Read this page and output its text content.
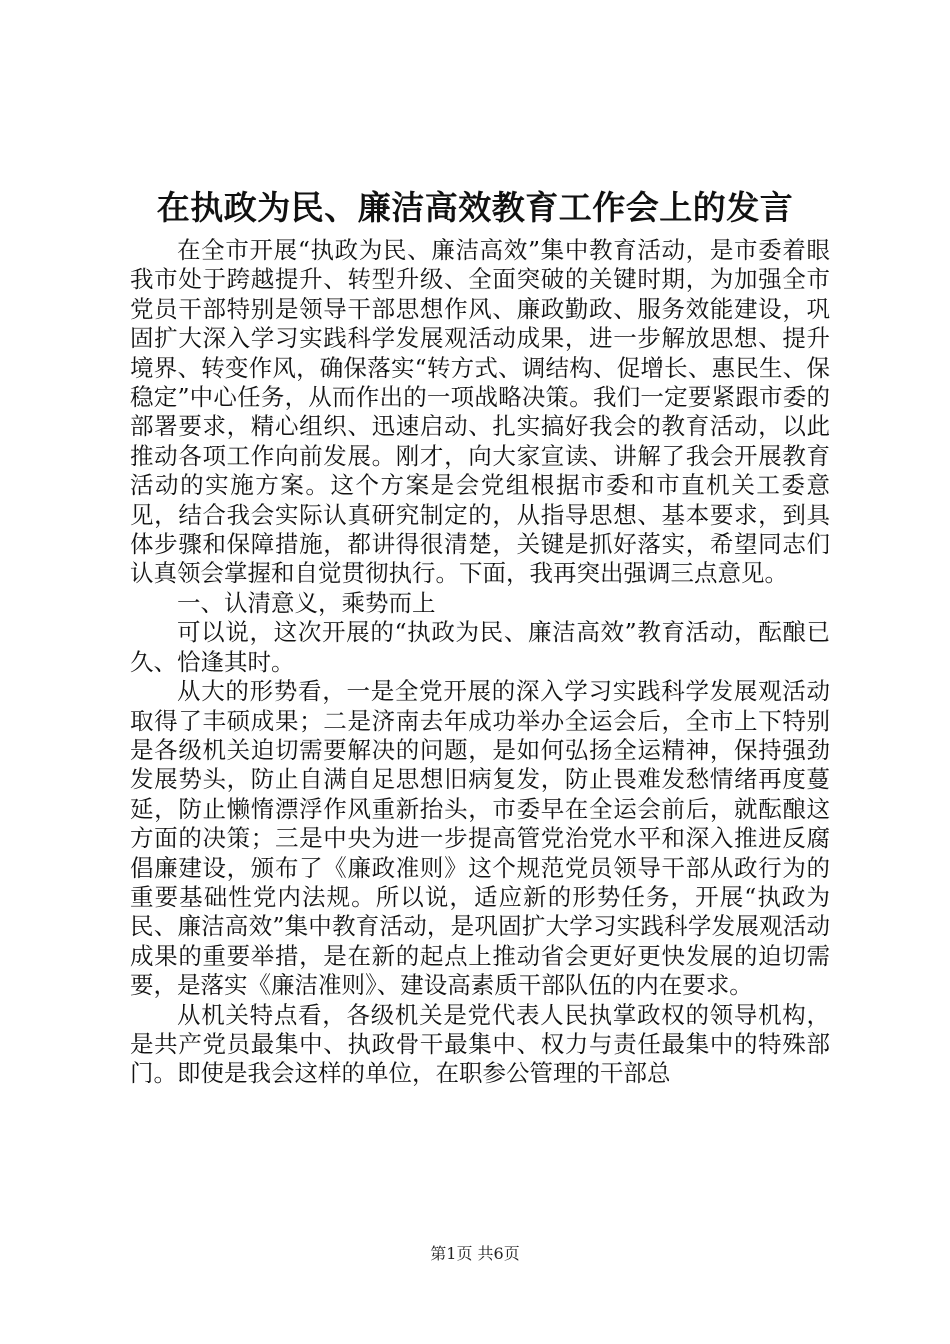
在执政为民、廉洁高效教育工作会上的发言

在全市开展“执政为民、廉洁高效”集中教育活动，是市委着眼我市处于跨越提升、转型升级、全面突破的关键时期，为加强全市党员干部特别是领导干部思想作风、廉政勤政、服务效能建设，巩固扩大深入学习实践科学发展观活动成果，进一步解放思想、提升境界、转变作风，确保落实“转方式、调结构、促增长、惠民生、保稳定”中心任务，从而作出的一项战略决策。我们一定要紧跟市委的部署要求，精心组织、迅速启动、扎实搞好我会的教育活动，以此推动各项工作向前发展。刚才，向大家宣读、讲解了我会开展教育活动的实施方案。这个方案是会党组根据市委和市直机关工委意见，结合我会实际认真研究制定的，从指导思想、基本要求，到具体步骤和保障措施，都讲得很清楚，关键是抓好落实，希望同志们认真领会掌握和自觉贯彻执行。下面，我再突出强调三点意见。

一、认清意义，乘势而上

可以说，这次开展的“执政为民、廉洁高效”教育活动，酝酿已久、恰逢其时。

从大的形势看，一是全党开展的深入学习实践科学发展观活动取得了丰硕成果；二是济南去年成功举办全运会后，全市上下特别是各级机关迫切需要解决的问题，是如何弘扬全运精神，保持强劲发展势头，防止自满自足思想旧病复发，防止畏难发愁情绪再度蔓延，防止懒惰漂浮作风重新抬头，市委早在全运会前后，就酝酿这方面的决策；三是中央为进一步提高管党治党水平和深入推进反腐倡廉建设，颁布了《廉政准则》这个规范党员领导干部从政行为的重要基础性党内法规。所以说，适应新的形势任务，开展“执政为民、廉洁高效”集中教育活动，是巩固扩大学习实践科学发展观活动成果的重要举措，是在新的起点上推动省会更好更快发展的迫切需要，是落实《廉洁准则》、建设高素质干部队伍的内在要求。

从机关特点看，各级机关是党代表人民执掌政权的领导机构，是共产党员最集中、执政骨干最集中、权力与责任最集中的特殊部门。即使是我会这样的单位，在职参公管理的干部总

第1页 共6页
